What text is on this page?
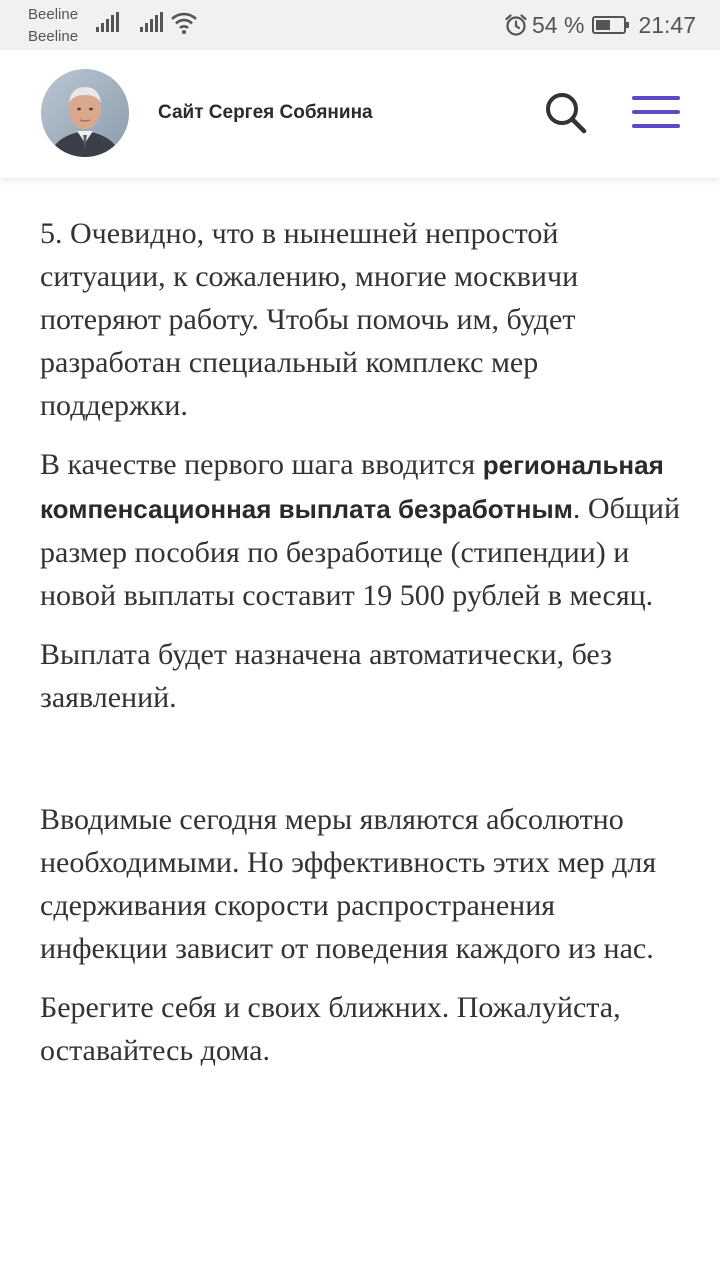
Beeline
Beeline	54 % 21:47
Сайт Сергея Собянина

5. Очевидно, что в нынешней непростой ситуации, к сожалению, многие москвичи потеряют работу. Чтобы помочь им, будет разработан специальный комплекс мер поддержки.

В качестве первого шага вводится региональная компенсационная выплата безработным. Общий размер пособия по безработице (стипендии) и новой выплаты составит 19 500 рублей в месяц.

Выплата будет назначена автоматически, без заявлений.

Вводимые сегодня меры являются абсолютно необходимыми. Но эффективность этих мер для сдерживания скорости распространения инфекции зависит от поведения каждого из нас.

Берегите себя и своих ближних. Пожалуйста, оставайтесь дома.
